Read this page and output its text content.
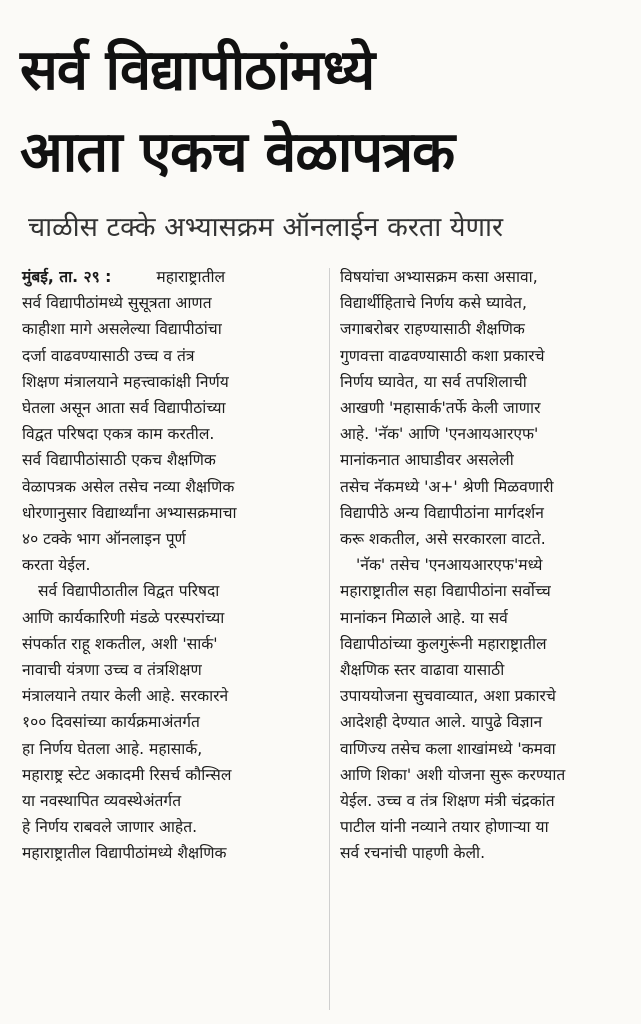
सर्व विद्यापीठांमध्ये
आता एकच वेळापत्रक
चाळीस टक्के अभ्यासक्रम ऑनलाईन करता येणार

मुंबई, ता. २९ :	महाराष्ट्रातील

सर्व विद्यापीठांमध्ये सुसूत्रता आणत

काहीशा मागे असलेल्या विद्यापीठांचा

दर्जा वाढवण्यासाठी उच्च व तंत्र

शिक्षण मंत्रालयाने महत्त्वाकांक्षी निर्णय

घेतला असून आता सर्व विद्यापीठांच्या

विद्वत परिषदा एकत्र काम करतील.

सर्व विद्यापीठांसाठी एकच शैक्षणिक

वेळापत्रक असेल तसेच नव्या शैक्षणिक

धोरणानुसार विद्यार्थ्यांना अभ्यासक्रमाचा

४० टक्के भाग ऑनलाइन पूर्ण

करता येईल.

सर्व विद्यापीठातील विद्वत परिषदा

आणि कार्यकारिणी मंडळे परस्परांच्या

संपर्कात राहू शकतील, अशी 'सार्क'

नावाची यंत्रणा उच्च व तंत्रशिक्षण

मंत्रालयाने तयार केली आहे. सरकारने

१०० दिवसांच्या कार्यक्रमाअंतर्गत

हा निर्णय घेतला आहे. महासार्क,

महाराष्ट्र स्टेट अकादमी रिसर्च कौन्सिल

या नवस्थापित व्यवस्थेअंतर्गत

हे निर्णय राबवले जाणार आहेत.

महाराष्ट्रातील विद्यापीठांमध्ये शैक्षणिक

विषयांचा अभ्यासक्रम कसा असावा,

विद्यार्थीहिताचे निर्णय कसे घ्यावेत,

जगाबरोबर राहण्यासाठी शैक्षणिक

गुणवत्ता वाढवण्यासाठी कशा प्रकारचे

निर्णय घ्यावेत, या सर्व तपशिलाची

आखणी 'महासार्क'तर्फे केली जाणार

आहे. 'नॅक' आणि 'एनआयआरएफ'

मानांकनात आघाडीवर असलेली

तसेच नॅकमध्ये 'अ+' श्रेणी मिळवणारी

विद्यापीठे अन्य विद्यापीठांना मार्गदर्शन

करू शकतील, असे सरकारला वाटते.

'नॅक' तसेच 'एनआयआरएफ'मध्ये

महाराष्ट्रातील सहा विद्यापीठांना सर्वोच्च

मानांकन मिळाले आहे. या सर्व

विद्यापीठांच्या कुलगुरूंनी महाराष्ट्रातील

शैक्षणिक स्तर वाढावा यासाठी

उपाययोजना सुचवाव्यात, अशा प्रकारचे

आदेशही देण्यात आले. यापुढे विज्ञान

वाणिज्य तसेच कला शाखांमध्ये 'कमवा

आणि शिका' अशी योजना सुरू करण्यात

येईल. उच्च व तंत्र शिक्षण मंत्री चंद्रकांत

पाटील यांनी नव्याने तयार होणाऱ्या या

सर्व रचनांची पाहणी केली.
